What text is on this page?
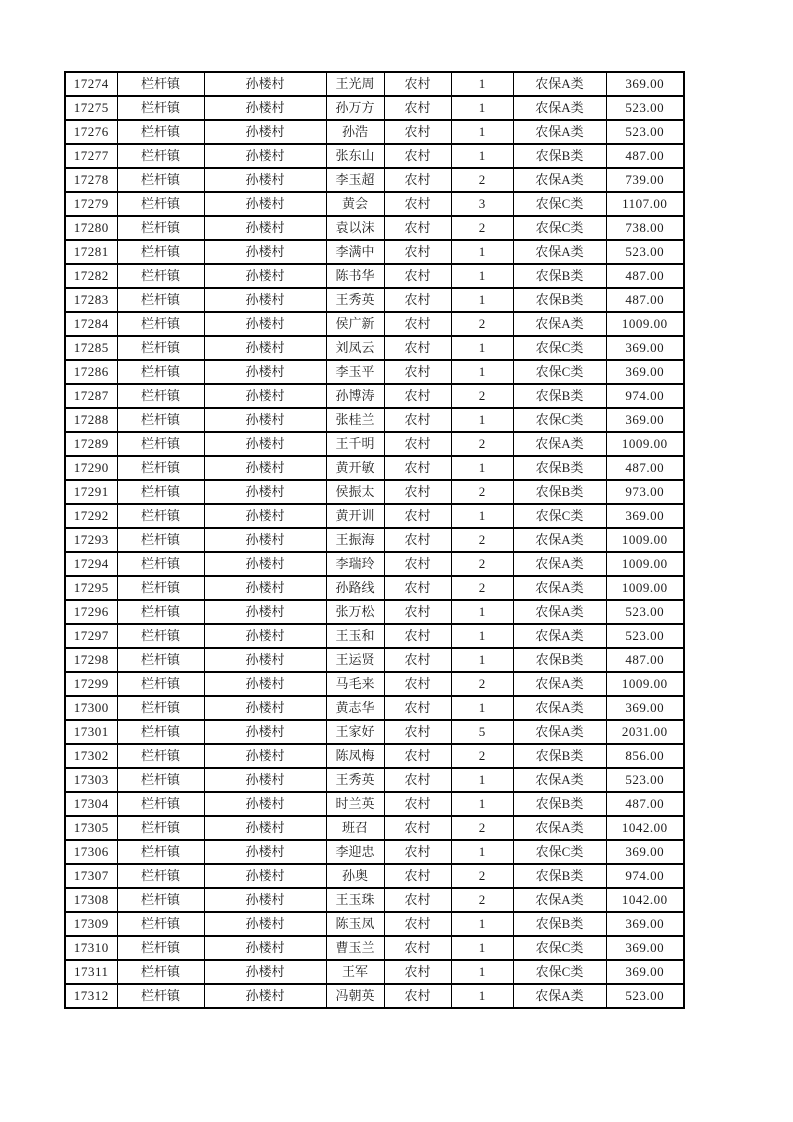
17274	栏杆镇	孙楼村	王光周	农村	1	农保A类	369.00
17275	栏杆镇	孙楼村	孙万方	农村	1	农保A类	523.00
17276	栏杆镇	孙楼村	孙浩	农村	1	农保A类	523.00
17277	栏杆镇	孙楼村	张东山	农村	1	农保B类	487.00
17278	栏杆镇	孙楼村	李玉超	农村	2	农保A类	739.00
17279	栏杆镇	孙楼村	黄会	农村	3	农保C类	1107.00
17280	栏杆镇	孙楼村	袁以沫	农村	2	农保C类	738.00
17281	栏杆镇	孙楼村	李满中	农村	1	农保A类	523.00
17282	栏杆镇	孙楼村	陈书华	农村	1	农保B类	487.00
17283	栏杆镇	孙楼村	王秀英	农村	1	农保B类	487.00
17284	栏杆镇	孙楼村	侯广新	农村	2	农保A类	1009.00
17285	栏杆镇	孙楼村	刘凤云	农村	1	农保C类	369.00
17286	栏杆镇	孙楼村	李玉平	农村	1	农保C类	369.00
17287	栏杆镇	孙楼村	孙博涛	农村	2	农保B类	974.00
17288	栏杆镇	孙楼村	张桂兰	农村	1	农保C类	369.00
17289	栏杆镇	孙楼村	王千明	农村	2	农保A类	1009.00
17290	栏杆镇	孙楼村	黄开敏	农村	1	农保B类	487.00
17291	栏杆镇	孙楼村	侯振太	农村	2	农保B类	973.00
17292	栏杆镇	孙楼村	黄开训	农村	1	农保C类	369.00
17293	栏杆镇	孙楼村	王振海	农村	2	农保A类	1009.00
17294	栏杆镇	孙楼村	李瑞玲	农村	2	农保A类	1009.00
17295	栏杆镇	孙楼村	孙路线	农村	2	农保A类	1009.00
17296	栏杆镇	孙楼村	张万松	农村	1	农保A类	523.00
17297	栏杆镇	孙楼村	王玉和	农村	1	农保A类	523.00
17298	栏杆镇	孙楼村	王运贤	农村	1	农保B类	487.00
17299	栏杆镇	孙楼村	马毛来	农村	2	农保A类	1009.00
17300	栏杆镇	孙楼村	黄志华	农村	1	农保A类	369.00
17301	栏杆镇	孙楼村	王家好	农村	5	农保A类	2031.00
17302	栏杆镇	孙楼村	陈凤梅	农村	2	农保B类	856.00
17303	栏杆镇	孙楼村	王秀英	农村	1	农保A类	523.00
17304	栏杆镇	孙楼村	时兰英	农村	1	农保B类	487.00
17305	栏杆镇	孙楼村	班召	农村	2	农保A类	1042.00
17306	栏杆镇	孙楼村	李迎忠	农村	1	农保C类	369.00
17307	栏杆镇	孙楼村	孙奥	农村	2	农保B类	974.00
17308	栏杆镇	孙楼村	王玉珠	农村	2	农保A类	1042.00
17309	栏杆镇	孙楼村	陈玉凤	农村	1	农保B类	369.00
17310	栏杆镇	孙楼村	曹玉兰	农村	1	农保C类	369.00
17311	栏杆镇	孙楼村	王军	农村	1	农保C类	369.00
17312	栏杆镇	孙楼村	冯朝英	农村	1	农保A类	523.00
